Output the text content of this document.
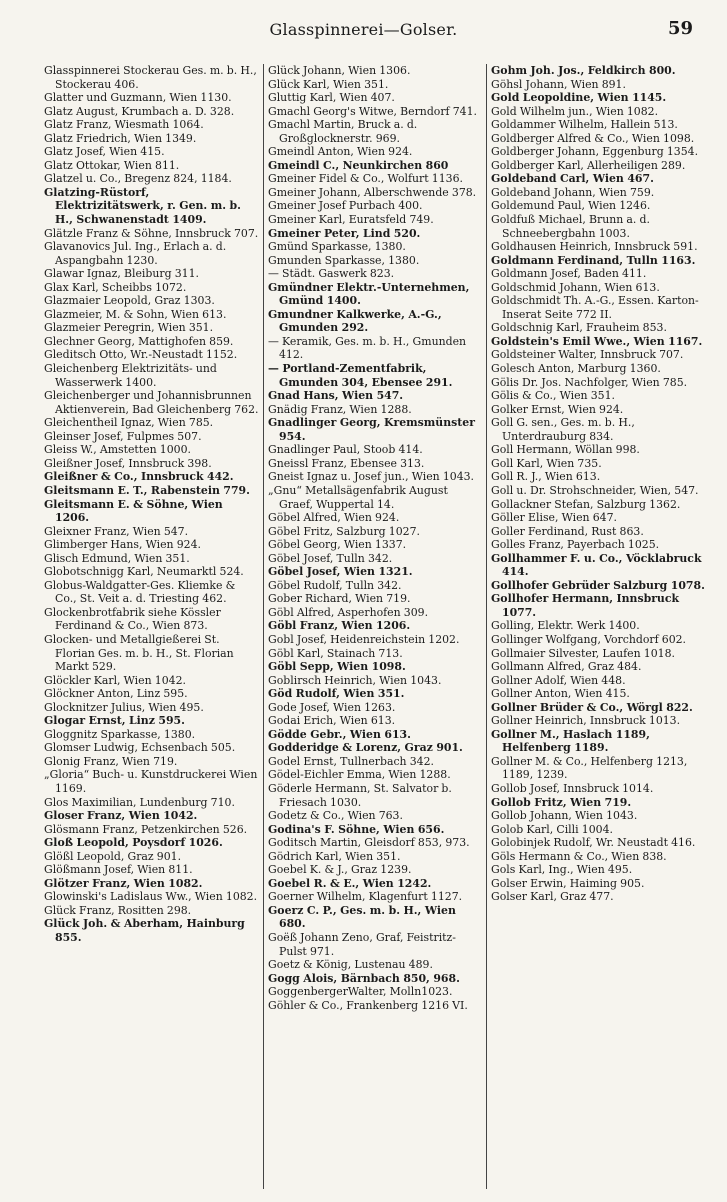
Glasspinnerei—Golser.	59
Glasspinnerei Stockerau Ges. m. b. H., Stockerau 406.
Glatter und Guzmann, Wien 1130.
Glatz August, Krumbach a. D. 328.
Glatz Franz, Wiesmath 1064.
Glatz Friedrich, Wien 1349.
Glatz Josef, Wien 415.
Glatz Ottokar, Wien 811.
Glatzel u. Co., Bregenz 824, 1184.
Glatzing-Rüstorf, Elektrizitätswerk, r. Gen. m. b. H., Schwanenstadt 1409.
Glätzle Franz & Söhne, Innsbruck 707.
Glavanovics Jul. Ing., Erlach a. d. Aspangbahn 1230.
Glawar Ignaz, Bleiburg 311.
Glax Karl, Scheibbs 1072.
Glazmaier Leopold, Graz 1303.
Glazmeier, M. & Sohn, Wien 613.
Glazmeier Peregrin, Wien 351.
Glechner Georg, Mattighofen 859.
Gleditsch Otto, Wr.-Neustadt 1152.
Gleichenberg Elektrizitäts- und Wasserwerk 1400.
Gleichenberger und Johannisbrunnen Aktienverein, Bad Gleichenberg 762.
Gleichentheil Ignaz, Wien 785.
Gleinser Josef, Fulpmes 507.
Gleiss W., Amstetten 1000.
Gleißner Josef, Innsbruck 398.
Gleißner & Co., Innsbruck 442.
Gleitsmann E. T., Rabenstein 779.
Gleitsmann E. & Söhne, Wien 1206.
Gleixner Franz, Wien 547.
Glimberger Hans, Wien 924.
Glisch Edmund, Wien 351.
Globotschnigg Karl, Neumarktl 524.
Globus-Waldgatter-Ges. Kliemke & Co., St. Veit a. d. Triesting 462.
Glockenbrotfabrik siehe Kössler Ferdinand & Co., Wien 873.
Glocken- und Metallgießerei St. Florian Ges. m. b. H., St. Florian Markt 529.
Glöckler Karl, Wien 1042.
Glöckner Anton, Linz 595.
Glocknitzer Julius, Wien 495.
Glogar Ernst, Linz 595.
Gloggnitz Sparkasse, 1380.
Glomser Ludwig, Echsenbach 505.
Glonig Franz, Wien 719.
„Gloria“ Buch- u. Kunstdruckerei Wien 1169.
Glos Maximilian, Lundenburg 710.
Gloser Franz, Wien 1042.
Glösmann Franz, Petzenkirchen 526.
Gloß Leopold, Poysdorf 1026.
Glößl Leopold, Graz 901.
Glößmann Josef, Wien 811.
Glötzer Franz, Wien 1082.
Glowinski's Ladislaus Ww., Wien 1082.
Glück Franz, Rositten 298.
Glück Joh. & Aberham, Hainburg 855.
Glück Johann, Wien 1306.
Glück Karl, Wien 351.
Gluttig Karl, Wien 407.
Gmachl Georg's Witwe, Berndorf 741.
Gmachl Martin, Bruck a. d. Großglocknerstr. 969.
Gmeindl Anton, Wien 924.
Gmeindl C., Neunkirchen 860
Gmeiner Fidel & Co., Wolfurt 1136.
Gmeiner Johann, Alberschwende 378.
Gmeiner Josef Purbach 400.
Gmeiner Karl, Euratsfeld 749.
Gmeiner Peter, Lind 520.
Gmünd Sparkasse, 1380.
Gmunden Sparkasse, 1380.
— Städt. Gaswerk 823.
Gmündner Elektr.-Unternehmen, Gmünd 1400.
Gmundner Kalkwerke, A.-G., Gmunden 292.
— Keramik, Ges. m. b. H., Gmunden 412.
— Portland-Zementfabrik, Gmunden 304, Ebensee 291.
Gnad Hans, Wien 547.
Gnädig Franz, Wien 1288.
Gnadlinger Georg, Kremsmünster 954.
Gnadlinger Paul, Stoob 414.
Gneissl Franz, Ebensee 313.
Gneist Ignaz u. Josef jun., Wien 1043.
„Gnu“ Metallsägenfabrik August Graef, Wuppertal 14.
Göbel Alfred, Wien 924.
Göbel Fritz, Salzburg 1027.
Göbel Georg, Wien 1337.
Göbel Josef, Tulln 342.
Göbel Josef, Wien 1321.
Göbel Rudolf, Tulln 342.
Gober Richard, Wien 719.
Göbl Alfred, Asperhofen 309.
Göbl Franz, Wien 1206.
Gobl Josef, Heidenreichstein 1202.
Göbl Karl, Stainach 713.
Göbl Sepp, Wien 1098.
Goblirsch Heinrich, Wien 1043.
Göd Rudolf, Wien 351.
Gode Josef, Wien 1263.
Godai Erich, Wien 613.
Gödde Gebr., Wien 613.
Godderidge & Lorenz, Graz 901.
Godel Ernst, Tullnerbach 342.
Gödel-Eichler Emma, Wien 1288.
Göderle Hermann, St. Salvator b. Friesach 1030.
Godetz & Co., Wien 763.
Godina's F. Söhne, Wien 656.
Goditsch Martin, Gleisdorf 853, 973.
Gödrich Karl, Wien 351.
Goebel K. & J., Graz 1239.
Goebel R. & E., Wien 1242.
Goerner Wilhelm, Klagenfurt 1127.
Goerz C. P., Ges. m. b. H., Wien 680.
Goëß Johann Zeno, Graf, Feistritz-Pulst 971.
Goetz & König, Lustenau 489.
Gogg Alois, Bärnbach 850, 968.
GoggenbergerWalter, Molln1023.
Göhler & Co., Frankenberg 1216 VI.
Gohm Joh. Jos., Feldkirch 800.
Göhsl Johann, Wien 891.
Gold Leopoldine, Wien 1145.
Gold Wilhelm jun., Wien 1082.
Goldammer Wilhelm, Hallein 513.
Goldberger Alfred & Co., Wien 1098.
Goldberger Johann, Eggenburg 1354.
Goldberger Karl, Allerheiligen 289.
Goldeband Carl, Wien 467.
Goldeband Johann, Wien 759.
Goldemund Paul, Wien 1246.
Goldfuß Michael, Brunn a. d. Schneebergbahn 1003.
Goldhausen Heinrich, Innsbruck 591.
Goldmann Ferdinand, Tulln 1163.
Goldmann Josef, Baden 411.
Goldschmid Johann, Wien 613.
Goldschmidt Th. A.-G., Essen. Karton-Inserat Seite 772 II.
Goldschnig Karl, Frauheim 853.
Goldstein's Emil Wwe., Wien 1167.
Goldsteiner Walter, Innsbruck 707.
Golesch Anton, Marburg 1360.
Gölis Dr. Jos. Nachfolger, Wien 785.
Gölis & Co., Wien 351.
Golker Ernst, Wien 924.
Goll G. sen., Ges. m. b. H., Unterdrauburg 834.
Goll Hermann, Wöllan 998.
Goll Karl, Wien 735.
Goll R. J., Wien 613.
Goll u. Dr. Strohschneider, Wien, 547.
Gollackner Stefan, Salzburg 1362.
Göller Elise, Wien 647.
Goller Ferdinand, Rust 863.
Golles Franz, Payerbach 1025.
Gollhammer F. u. Co., Vöcklabruck 414.
Gollhofer Gebrüder Salzburg 1078.
Gollhofer Hermann, Innsbruck 1077.
Golling, Elektr. Werk 1400.
Gollinger Wolfgang, Vorchdorf 602.
Gollmaier Silvester, Laufen 1018.
Gollmann Alfred, Graz 484.
Gollner Adolf, Wien 448.
Gollner Anton, Wien 415.
Gollner Brüder & Co., Wörgl 822.
Gollner Heinrich, Innsbruck 1013.
Gollner M., Haslach 1189, Helfenberg 1189.
Gollner M. & Co., Helfenberg 1213, 1189, 1239.
Gollob Josef, Innsbruck 1014.
Gollob Fritz, Wien 719.
Gollob Johann, Wien 1043.
Golob Karl, Cilli 1004.
Golobinjek Rudolf, Wr. Neustadt 416.
Göls Hermann & Co., Wien 838.
Gols Karl, Ing., Wien 495.
Golser Erwin, Haiming 905.
Golser Karl, Graz 477.
